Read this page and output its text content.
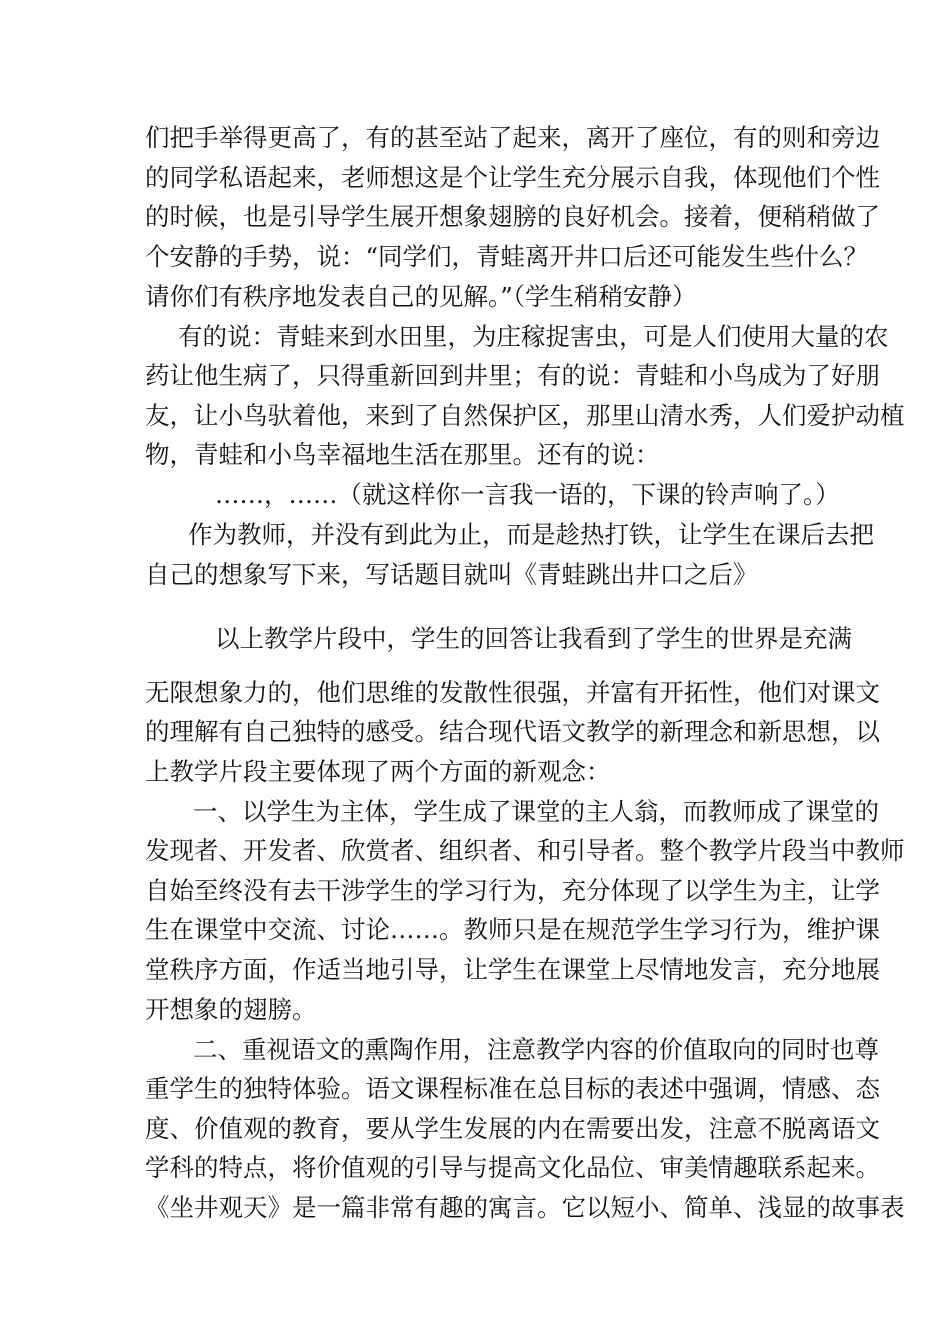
们把手举得更高了，有的甚至站了起来，离开了座位，有的则和旁边
的同学私语起来，老师想这是个让学生充分展示自我，体现他们个性
的时候，也是引导学生展开想象翅膀的良好机会。接着，便稍稍做了
个安静的手势，说：“同学们，青蛙离开井口后还可能发生些什么？
请你们有秩序地发表自己的见解。”（学生稍稍安静）
有的说：青蛙来到水田里，为庄稼捉害虫，可是人们使用大量的农
药让他生病了，只得重新回到井里；有的说：青蛙和小鸟成为了好朋
友，让小鸟驮着他，来到了自然保护区，那里山清水秀，人们爱护动植
物，青蛙和小鸟幸福地生活在那里。还有的说：
……，……（就这样你一言我一语的，下课的铃声响了。）
作为教师，并没有到此为止，而是趁热打铁，让学生在课后去把
自己的想象写下来，写话题目就叫《青蛙跳出井口之后》
以上教学片段中，学生的回答让我看到了学生的世界是充满
无限想象力的，他们思维的发散性很强，并富有开拓性，他们对课文
的理解有自己独特的感受。结合现代语文教学的新理念和新思想，以
上教学片段主要体现了两个方面的新观念：
一、以学生为主体，学生成了课堂的主人翁，而教师成了课堂的
发现者、开发者、欣赏者、组织者、和引导者。整个教学片段当中教师
自始至终没有去干涉学生的学习行为，充分体现了以学生为主，让学
生在课堂中交流、讨论……。教师只是在规范学生学习行为，维护课
堂秩序方面，作适当地引导，让学生在课堂上尽情地发言，充分地展
开想象的翅膀。
二、重视语文的熏陶作用，注意教学内容的价值取向的同时也尊
重学生的独特体验。语文课程标准在总目标的表述中强调，情感、态
度、价值观的教育，要从学生发展的内在需要出发，注意不脱离语文
学科的特点，将价值观的引导与提高文化品位、审美情趣联系起来。
《坐井观天》是一篇非常有趣的寓言。它以短小、简单、浅显的故事表
